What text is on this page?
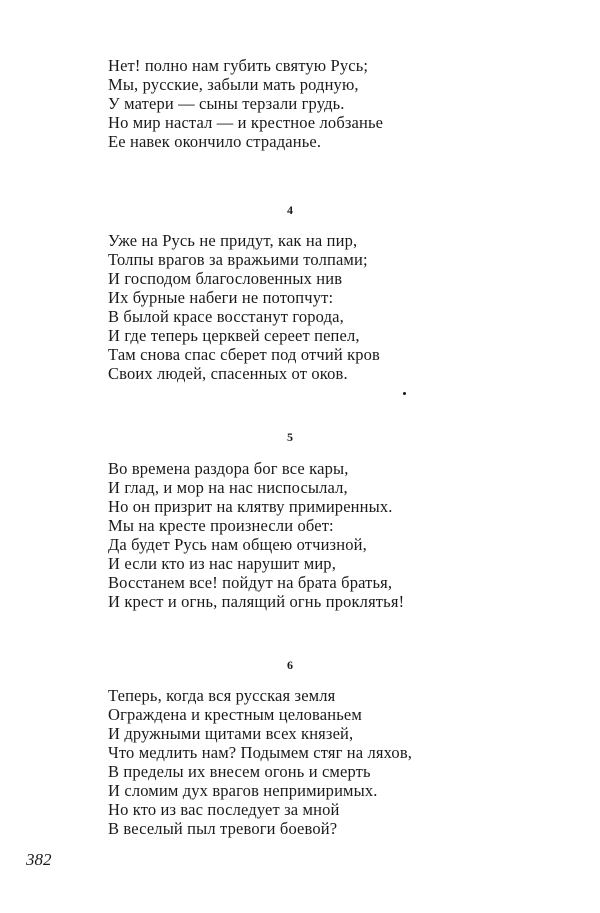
Нет! полно нам губить святую Русь;
Мы, русские, забыли мать родную,
У матери — сыны терзали грудь.
Но мир настал — и крестное лобзанье
Ее навек окончило страданье.
4
Уже на Русь не придут, как на пир,
Толпы врагов за вражьими толпами;
И господом благословенных нив
Их бурные набеги не потопчут:
В былой красе восстанут города,
И где теперь церквей сереет пепел,
Там снова спас сберет под отчий кров
Своих людей, спасенных от оков.
5
Во времена раздора бог все кары,
И глад, и мор на нас ниспосылал,
Но он призрит на клятву примиренных.
Мы на кресте произнесли обет:
Да будет Русь нам общею отчизной,
И если кто из нас нарушит мир,
Восстанем все! пойдут на брата братья,
И крест и огнь, палящий огнь проклятья!
6
Теперь, когда вся русская земля
Ограждена и крестным целованьем
И дружными щитами всех князей,
Что медлить нам? Подымем стяг на ляхов,
В пределы их внесем огонь и смерть
И сломим дух врагов непримиримых.
Но кто из вас последует за мной
В веселый пыл тревоги боевой?
382
